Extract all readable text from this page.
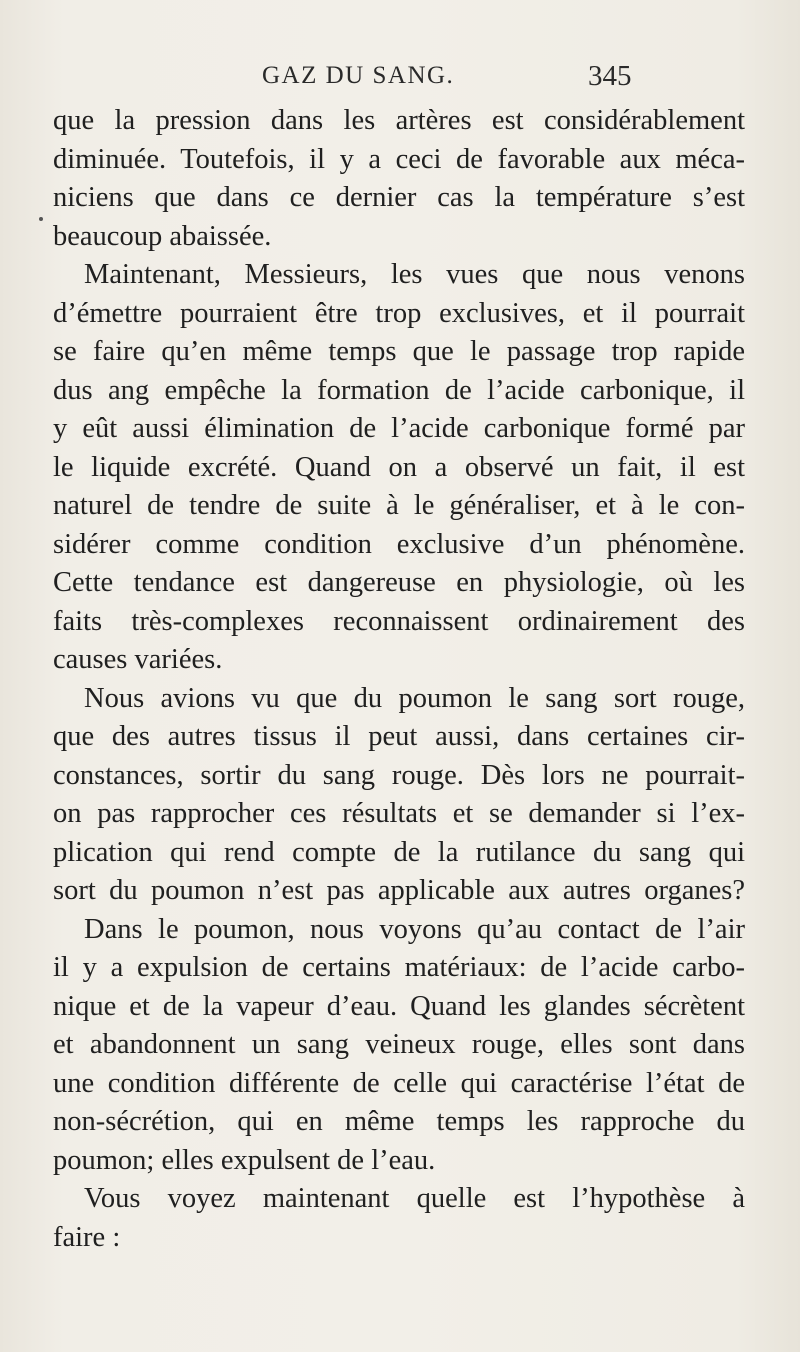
GAZ DU SANG.	345
que la pression dans les artères est considérablement
diminuée. Toutefois, il y a ceci de favorable aux méca-
niciens que dans ce dernier cas la température s’est
beaucoup abaissée.
Maintenant, Messieurs, les vues que nous venons
d’émettre pourraient être trop exclusives, et il pourrait
se faire qu’en même temps que le passage trop rapide
dus ang empêche la formation de l’acide carbonique, il
y eût aussi élimination de l’acide carbonique formé par
le liquide excrété. Quand on a observé un fait, il est
naturel de tendre de suite à le généraliser, et à le con-
sidérer comme condition exclusive d’un phénomène.
Cette tendance est dangereuse en physiologie, où les
faits très-complexes reconnaissent ordinairement des
causes variées.
Nous avions vu que du poumon le sang sort rouge,
que des autres tissus il peut aussi, dans certaines cir-
constances, sortir du sang rouge. Dès lors ne pourrait-
on pas rapprocher ces résultats et se demander si l’ex-
plication qui rend compte de la rutilance du sang qui
sort du poumon n’est pas applicable aux autres organes?
Dans le poumon, nous voyons qu’au contact de l’air
il y a expulsion de certains matériaux: de l’acide carbo-
nique et de la vapeur d’eau. Quand les glandes sécrètent
et abandonnent un sang veineux rouge, elles sont dans
une condition différente de celle qui caractérise l’état de
non-sécrétion, qui en même temps les rapproche du
poumon; elles expulsent de l’eau.
Vous voyez maintenant quelle est l’hypothèse à
faire :
